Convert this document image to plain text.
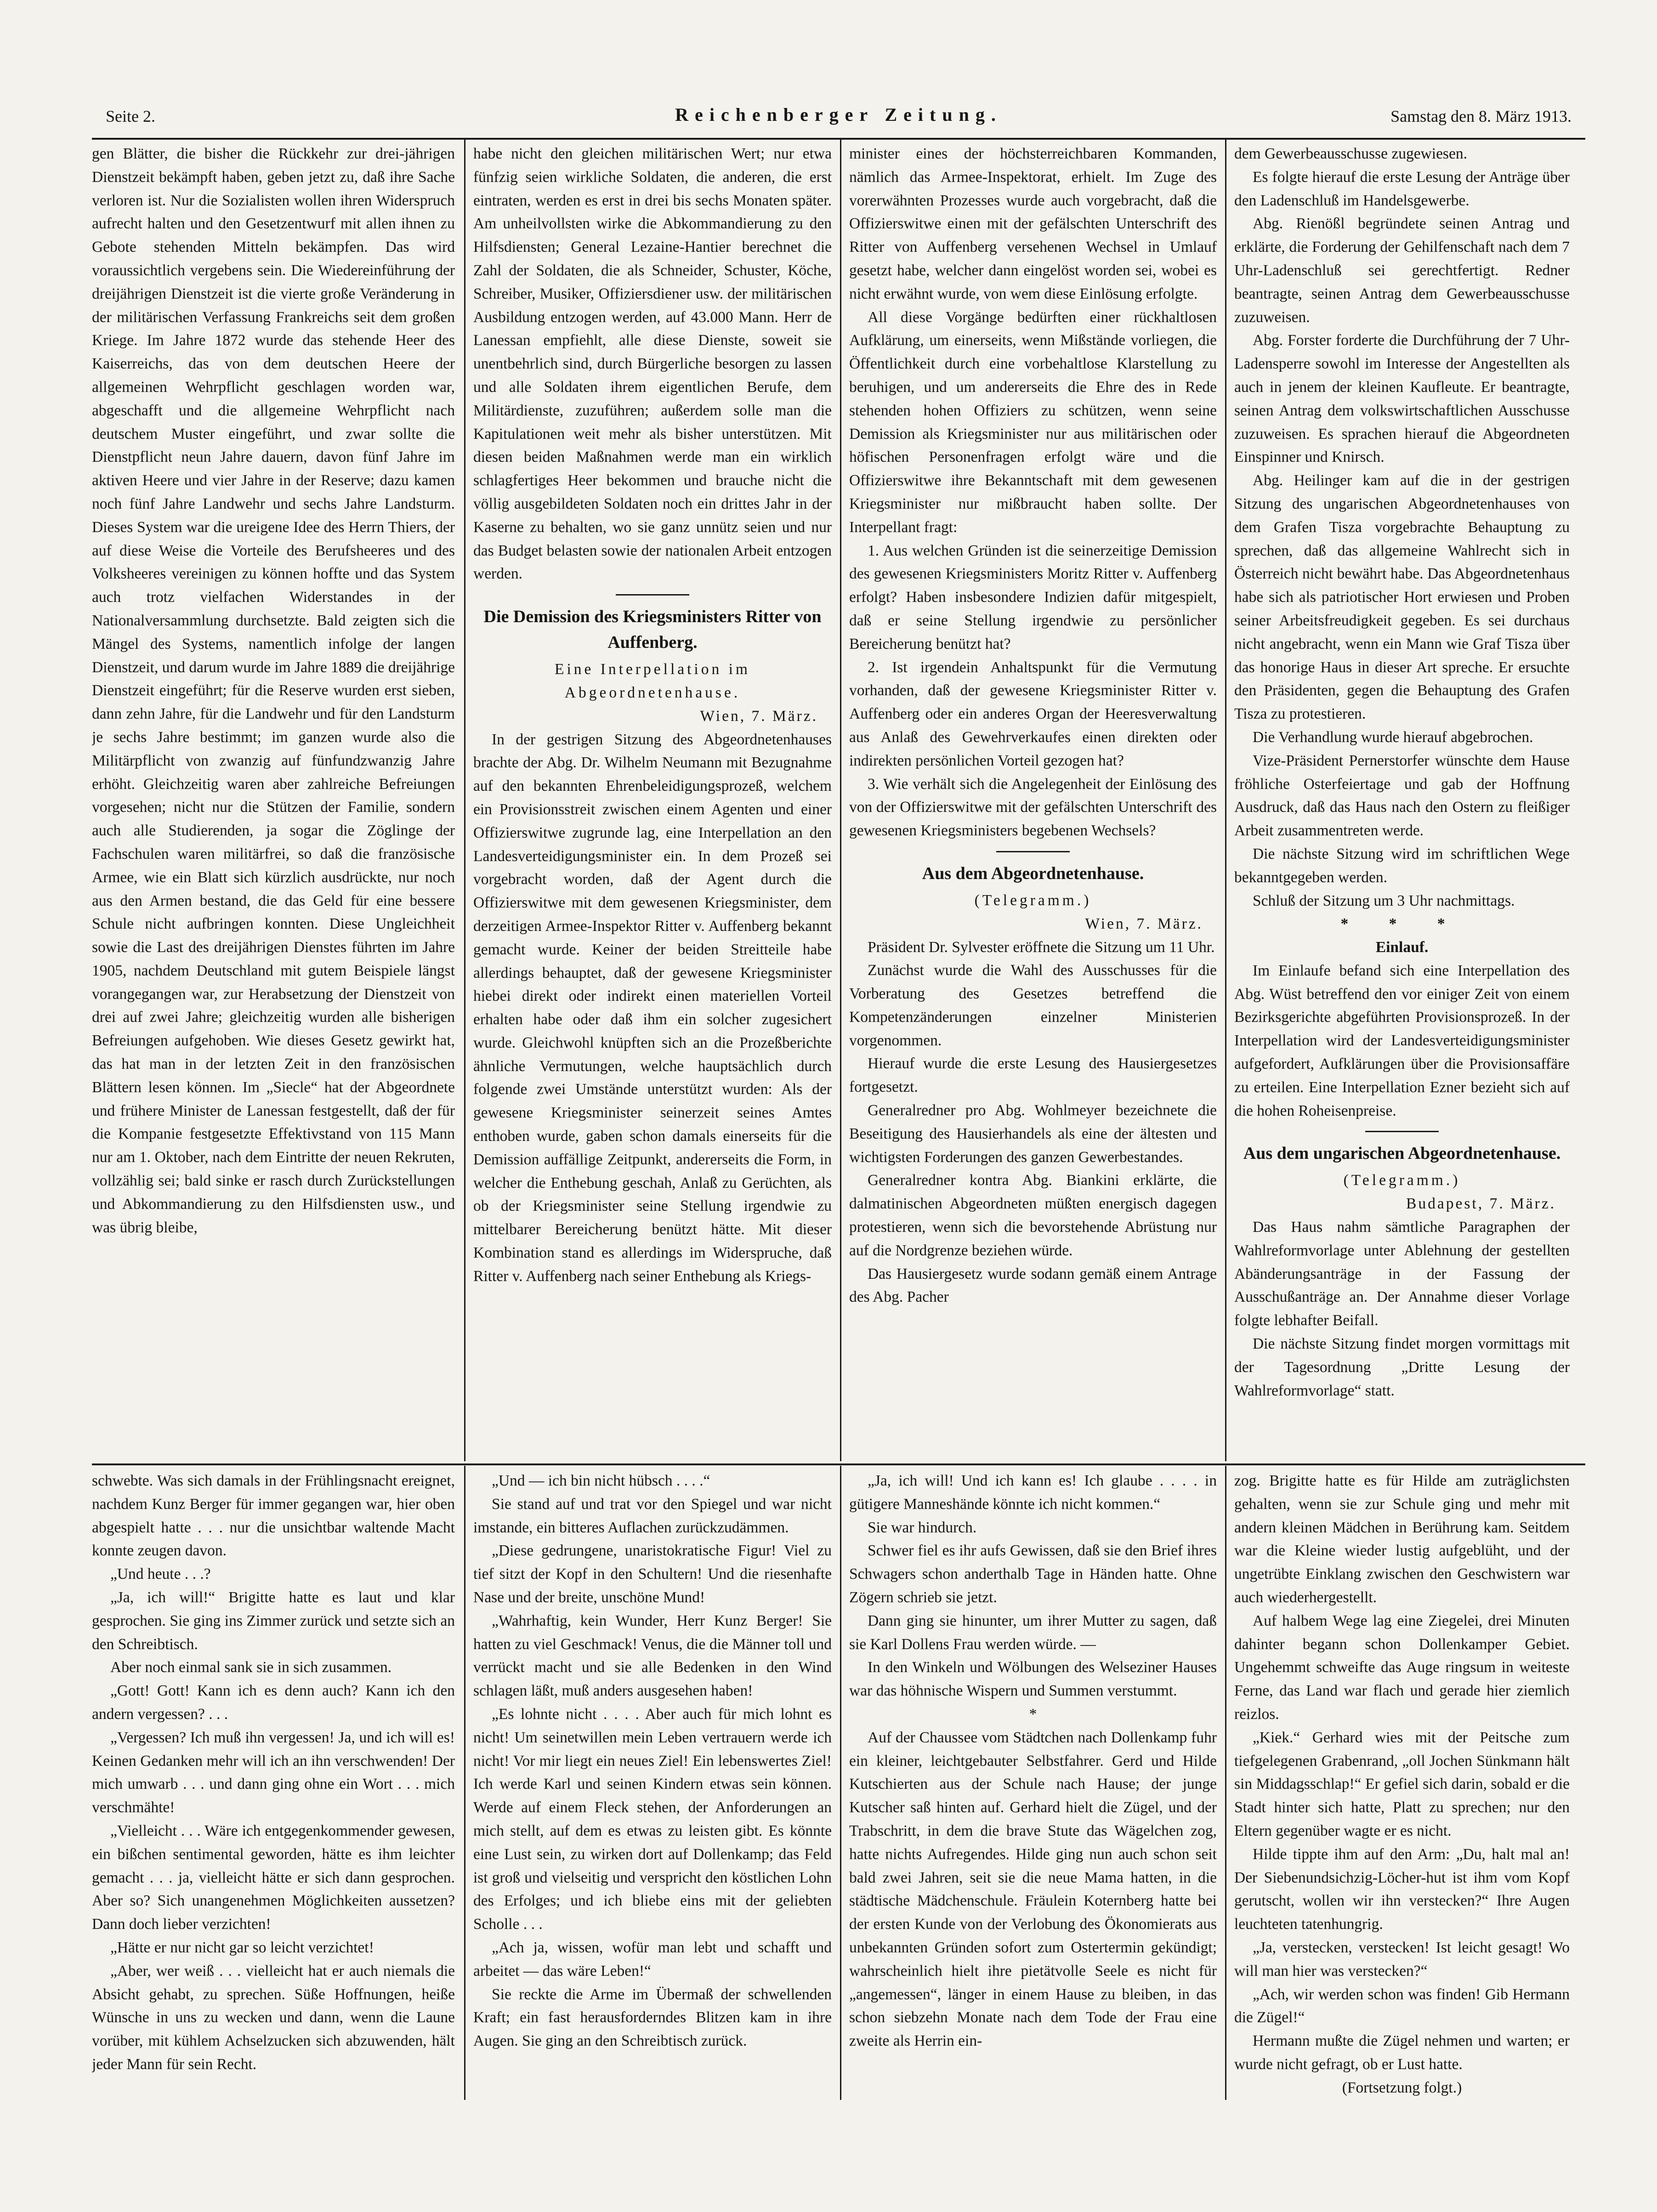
Seite 2.	Reichenberger Zeitung.	Samstag den 8. März 1913.

gen Blätter, die bisher die Rückkehr zur drei-jährigen Dienstzeit bekämpft haben, geben jetzt zu, daß ihre Sache verloren ist. Nur die Sozialisten wollen ihren Widerspruch aufrecht halten und den Gesetzentwurf mit allen ihnen zu Gebote stehenden Mitteln bekämpfen. Das wird voraussichtlich vergebens sein. Die Wiedereinführung der dreijährigen Dienstzeit ist die vierte große Veränderung in der militärischen Verfassung Frankreichs seit dem großen Kriege. Im Jahre 1872 wurde das stehende Heer des Kaiserreichs, das von dem deutschen Heere der allgemeinen Wehrpflicht geschlagen worden war, abgeschafft und die allgemeine Wehrpflicht nach deutschem Muster eingeführt, und zwar sollte die Dienstpflicht neun Jahre dauern, davon fünf Jahre im aktiven Heere und vier Jahre in der Reserve; dazu kamen noch fünf Jahre Landwehr und sechs Jahre Landsturm. Dieses System war die ureigene Idee des Herrn Thiers, der auf diese Weise die Vorteile des Berufsheeres und des Volksheeres vereinigen zu können hoffte und das System auch trotz vielfachen Widerstandes in der Nationalversammlung durchsetzte. Bald zeigten sich die Mängel des Systems, namentlich infolge der langen Dienstzeit, und darum wurde im Jahre 1889 die dreijährige Dienstzeit eingeführt; für die Reserve wurden erst sieben, dann zehn Jahre, für die Landwehr und für den Landsturm je sechs Jahre bestimmt; im ganzen wurde also die Militärpflicht von zwanzig auf fünfundzwanzig Jahre erhöht. Gleichzeitig waren aber zahlreiche Befreiungen vorgesehen; nicht nur die Stützen der Familie, sondern auch alle Studierenden, ja sogar die Zöglinge der Fachschulen waren militärfrei, so daß die französische Armee, wie ein Blatt sich kürzlich ausdrückte, nur noch aus den Armen bestand, die das Geld für eine bessere Schule nicht aufbringen konnten. Diese Ungleichheit sowie die Last des dreijährigen Dienstes führten im Jahre 1905, nachdem Deutschland mit gutem Beispiele längst vorangegangen war, zur Herabsetzung der Dienstzeit von drei auf zwei Jahre; gleichzeitig wurden alle bisherigen Befreiungen aufgehoben. Wie dieses Gesetz gewirkt hat, das hat man in der letzten Zeit in den französischen Blättern lesen können. Im „Siecle“ hat der Abgeordnete und frühere Minister de Lanessan festgestellt, daß der für die Kompanie festgesetzte Effektivstand von 115 Mann nur am 1. Oktober, nach dem Eintritte der neuen Rekruten, vollzählig sei; bald sinke er rasch durch Zurückstellungen und Abkommandierung zu den Hilfsdiensten usw., und was übrig bleibe,

habe nicht den gleichen militärischen Wert; nur etwa fünfzig seien wirkliche Soldaten, die anderen, die erst eintraten, werden es erst in drei bis sechs Monaten später. Am unheilvollsten wirke die Abkommandierung zu den Hilfsdiensten; General Lezaine-Hantier berechnet die Zahl der Soldaten, die als Schneider, Schuster, Köche, Schreiber, Musiker, Offiziersdiener usw. der militärischen Ausbildung entzogen werden, auf 43.000 Mann. Herr de Lanessan empfiehlt, alle diese Dienste, soweit sie unentbehrlich sind, durch Bürgerliche besorgen zu lassen und alle Soldaten ihrem eigentlichen Berufe, dem Militärdienste, zuzuführen; außerdem solle man die Kapitulationen weit mehr als bisher unterstützen. Mit diesen beiden Maßnahmen werde man ein wirklich schlagfertiges Heer bekommen und brauche nicht die völlig ausgebildeten Soldaten noch ein drittes Jahr in der Kaserne zu behalten, wo sie ganz unnütz seien und nur das Budget belasten sowie der nationalen Arbeit entzogen werden.

Die Demission des Kriegsministers Ritter von Auffenberg.
Eine Interpellation im Abgeordnetenhause.
Wien, 7. März.

In der gestrigen Sitzung des Abgeordnetenhauses brachte der Abg. Dr. Wilhelm Neumann mit Bezugnahme auf den bekannten Ehrenbeleidigungsprozeß, welchem ein Provisionsstreit zwischen einem Agenten und einer Offizierswitwe zugrunde lag, eine Interpellation an den Landesverteidigungsminister ein. In dem Prozeß sei vorgebracht worden, daß der Agent durch die Offizierswitwe mit dem gewesenen Kriegsminister, dem derzeitigen Armee-Inspektor Ritter v. Auffenberg bekannt gemacht wurde. Keiner der beiden Streitteile habe allerdings behauptet, daß der gewesene Kriegsminister hiebei direkt oder indirekt einen materiellen Vorteil erhalten habe oder daß ihm ein solcher zugesichert wurde. Gleichwohl knüpften sich an die Prozeßberichte ähnliche Vermutungen, welche hauptsächlich durch folgende zwei Umstände unterstützt wurden: Als der gewesene Kriegsminister seinerzeit seines Amtes enthoben wurde, gaben schon damals einerseits für die Demission auffällige Zeitpunkt, andererseits die Form, in welcher die Enthebung geschah, Anlaß zu Gerüchten, als ob der Kriegsminister seine Stellung irgendwie zu mittelbarer Bereicherung benützt hätte. Mit dieser Kombination stand es allerdings im Widerspruche, daß Ritter v. Auffenberg nach seiner Enthebung als Kriegs-

minister eines der höchsterreichbaren Kommanden, nämlich das Armee-Inspektorat, erhielt. Im Zuge des vorerwähnten Prozesses wurde auch vorgebracht, daß die Offizierswitwe einen mit der gefälschten Unterschrift des Ritter von Auffenberg versehenen Wechsel in Umlauf gesetzt habe, welcher dann eingelöst worden sei, wobei es nicht erwähnt wurde, von wem diese Einlösung erfolgte.

All diese Vorgänge bedürften einer rückhaltlosen Aufklärung, um einerseits, wenn Mißstände vorliegen, die Öffentlichkeit durch eine vorbehaltlose Klarstellung zu beruhigen, und um andererseits die Ehre des in Rede stehenden hohen Offiziers zu schützen, wenn seine Demission als Kriegsminister nur aus militärischen oder höfischen Personenfragen erfolgt wäre und die Offizierswitwe ihre Bekanntschaft mit dem gewesenen Kriegsminister nur mißbraucht haben sollte. Der Interpellant fragt:

1. Aus welchen Gründen ist die seinerzeitige Demission des gewesenen Kriegsministers Moritz Ritter v. Auffenberg erfolgt? Haben insbesondere Indizien dafür mitgespielt, daß er seine Stellung irgendwie zu persönlicher Bereicherung benützt hat?

2. Ist irgendein Anhaltspunkt für die Vermutung vorhanden, daß der gewesene Kriegsminister Ritter v. Auffenberg oder ein anderes Organ der Heeresverwaltung aus Anlaß des Gewehrverkaufes einen direkten oder indirekten persönlichen Vorteil gezogen hat?

3. Wie verhält sich die Angelegenheit der Einlösung des von der Offizierswitwe mit der gefälschten Unterschrift des gewesenen Kriegsministers begebenen Wechsels?

Aus dem Abgeordnetenhause.
(Telegramm.)
Wien, 7. März.

Präsident Dr. Sylvester eröffnete die Sitzung um 11 Uhr.

Zunächst wurde die Wahl des Ausschusses für die Vorberatung des Gesetzes betreffend die Kompetenzänderungen einzelner Ministerien vorgenommen.

Hierauf wurde die erste Lesung des Hausiergesetzes fortgesetzt.

Generalredner pro Abg. Wohlmeyer bezeichnete die Beseitigung des Hausierhandels als eine der ältesten und wichtigsten Forderungen des ganzen Gewerbestandes.

Generalredner kontra Abg. Biankini erklärte, die dalmatinischen Abgeordneten müßten energisch dagegen protestieren, wenn sich die bevorstehende Abrüstung nur auf die Nordgrenze beziehen würde.

Das Hausiergesetz wurde sodann gemäß einem Antrage des Abg. Pacher

dem Gewerbeausschusse zugewiesen.

Es folgte hierauf die erste Lesung der Anträge über den Ladenschluß im Handelsgewerbe.

Abg. Rienößl begründete seinen Antrag und erklärte, die Forderung der Gehilfenschaft nach dem 7 Uhr-Ladenschluß sei gerechtfertigt. Redner beantragte, seinen Antrag dem Gewerbeausschusse zuzuweisen.

Abg. Forster forderte die Durchführung der 7 Uhr-Ladensperre sowohl im Interesse der Angestellten als auch in jenem der kleinen Kaufleute. Er beantragte, seinen Antrag dem volkswirtschaftlichen Ausschusse zuzuweisen. Es sprachen hierauf die Abgeordneten Einspinner und Knirsch.

Abg. Heilinger kam auf die in der gestrigen Sitzung des ungarischen Abgeordnetenhauses von dem Grafen Tisza vorgebrachte Behauptung zu sprechen, daß das allgemeine Wahlrecht sich in Österreich nicht bewährt habe. Das Abgeordnetenhaus habe sich als patriotischer Hort erwiesen und Proben seiner Arbeitsfreudigkeit gegeben. Es sei durchaus nicht angebracht, wenn ein Mann wie Graf Tisza über das honorige Haus in dieser Art spreche. Er ersuchte den Präsidenten, gegen die Behauptung des Grafen Tisza zu protestieren.

Die Verhandlung wurde hierauf abgebrochen.

Vize-Präsident Pernerstorfer wünschte dem Hause fröhliche Osterfeiertage und gab der Hoffnung Ausdruck, daß das Haus nach den Ostern zu fleißiger Arbeit zusammentreten werde.

Die nächste Sitzung wird im schriftlichen Wege bekanntgegeben werden.

Schluß der Sitzung um 3 Uhr nachmittags.

* * *
Einlauf.

Im Einlaufe befand sich eine Interpellation des Abg. Wüst betreffend den vor einiger Zeit von einem Bezirksgerichte abgeführten Provisionsprozeß. In der Interpellation wird der Landesverteidigungsminister aufgefordert, Aufklärungen über die Provisionsaffäre zu erteilen. Eine Interpellation Ezner bezieht sich auf die hohen Roheisenpreise.

Aus dem ungarischen Abgeordnetenhause.
(Telegramm.)
Budapest, 7. März.

Das Haus nahm sämtliche Paragraphen der Wahlreformvorlage unter Ablehnung der gestellten Abänderungsanträge in der Fassung der Ausschußanträge an. Der Annahme dieser Vorlage folgte lebhafter Beifall.

Die nächste Sitzung findet morgen vormittags mit der Tagesordnung „Dritte Lesung der Wahlreformvorlage“ statt.

schwebte. Was sich damals in der Frühlingsnacht ereignet, nachdem Kunz Berger für immer gegangen war, hier oben abgespielt hatte . . . nur die unsichtbar waltende Macht konnte zeugen davon.

„Und heute . . .?

„Ja, ich will!“ Brigitte hatte es laut und klar gesprochen. Sie ging ins Zimmer zurück und setzte sich an den Schreibtisch.

Aber noch einmal sank sie in sich zusammen.

„Gott! Gott! Kann ich es denn auch? Kann ich den andern vergessen? . . .

„Vergessen? Ich muß ihn vergessen! Ja, und ich will es! Keinen Gedanken mehr will ich an ihn verschwenden! Der mich umwarb . . . und dann ging ohne ein Wort . . . mich verschmähte!

„Vielleicht . . . Wäre ich entgegenkommender gewesen, ein bißchen sentimental geworden, hätte es ihm leichter gemacht . . . ja, vielleicht hätte er sich dann gesprochen. Aber so? Sich unangenehmen Möglichkeiten aussetzen? Dann doch lieber verzichten!

„Hätte er nur nicht gar so leicht verzichtet!

„Aber, wer weiß . . . vielleicht hat er auch niemals die Absicht gehabt, zu sprechen. Süße Hoffnungen, heiße Wünsche in uns zu wecken und dann, wenn die Laune vorüber, mit kühlem Achselzucken sich abzuwenden, hält jeder Mann für sein Recht.

„Und — ich bin nicht hübsch . . . .“

Sie stand auf und trat vor den Spiegel und war nicht imstande, ein bitteres Auflachen zurückzudämmen.

„Diese gedrungene, unaristokratische Figur! Viel zu tief sitzt der Kopf in den Schultern! Und die riesenhafte Nase und der breite, unschöne Mund!

„Wahrhaftig, kein Wunder, Herr Kunz Berger! Sie hatten zu viel Geschmack! Venus, die die Männer toll und verrückt macht und sie alle Bedenken in den Wind schlagen läßt, muß anders ausgesehen haben!

„Es lohnte nicht . . . . Aber auch für mich lohnt es nicht! Um seinetwillen mein Leben vertrauern werde ich nicht! Vor mir liegt ein neues Ziel! Ein lebenswertes Ziel! Ich werde Karl und seinen Kindern etwas sein können. Werde auf einem Fleck stehen, der Anforderungen an mich stellt, auf dem es etwas zu leisten gibt. Es könnte eine Lust sein, zu wirken dort auf Dollenkamp; das Feld ist groß und vielseitig und verspricht den köstlichen Lohn des Erfolges; und ich bliebe eins mit der geliebten Scholle . . .

„Ach ja, wissen, wofür man lebt und schafft und arbeitet — das wäre Leben!“

Sie reckte die Arme im Übermaß der schwellenden Kraft; ein fast herausforderndes Blitzen kam in ihre Augen. Sie ging an den Schreibtisch zurück.

„Ja, ich will! Und ich kann es! Ich glaube . . . . in gütigere Manneshände könnte ich nicht kommen.“

Sie war hindurch.

Schwer fiel es ihr aufs Gewissen, daß sie den Brief ihres Schwagers schon anderthalb Tage in Händen hatte. Ohne Zögern schrieb sie jetzt.

Dann ging sie hinunter, um ihrer Mutter zu sagen, daß sie Karl Dollens Frau werden würde. —

In den Winkeln und Wölbungen des Welseziner Hauses war das höhnische Wispern und Summen verstummt.

*

Auf der Chaussee vom Städtchen nach Dollenkamp fuhr ein kleiner, leichtgebauter Selbstfahrer. Gerd und Hilde Kutschierten aus der Schule nach Hause; der junge Kutscher saß hinten auf. Gerhard hielt die Zügel, und der Trabschritt, in dem die brave Stute das Wägelchen zog, hatte nichts Aufregendes. Hilde ging nun auch schon seit bald zwei Jahren, seit sie die neue Mama hatten, in die städtische Mädchenschule. Fräulein Koternberg hatte bei der ersten Kunde von der Verlobung des Ökonomierats aus unbekannten Gründen sofort zum Ostertermin gekündigt; wahrscheinlich hielt ihre pietätvolle Seele es nicht für „angemessen“, länger in einem Hause zu bleiben, in das schon siebzehn Monate nach dem Tode der Frau eine zweite als Herrin ein-

zog. Brigitte hatte es für Hilde am zuträglichsten gehalten, wenn sie zur Schule ging und mehr mit andern kleinen Mädchen in Berührung kam. Seitdem war die Kleine wieder lustig aufgeblüht, und der ungetrübte Einklang zwischen den Geschwistern war auch wiederhergestellt.

Auf halbem Wege lag eine Ziegelei, drei Minuten dahinter begann schon Dollenkamper Gebiet. Ungehemmt schweifte das Auge ringsum in weiteste Ferne, das Land war flach und gerade hier ziemlich reizlos.

„Kiek.“ Gerhard wies mit der Peitsche zum tiefgelegenen Grabenrand, „oll Jochen Sünkmann hält sin Middagsschlap!“ Er gefiel sich darin, sobald er die Stadt hinter sich hatte, Platt zu sprechen; nur den Eltern gegenüber wagte er es nicht.

Hilde tippte ihm auf den Arm: „Du, halt mal an! Der Siebenundsichzig-Löcher-hut ist ihm vom Kopf gerutscht, wollen wir ihn verstecken?“ Ihre Augen leuchteten tatenhungrig.

„Ja, verstecken, verstecken! Ist leicht gesagt! Wo will man hier was verstecken?“

„Ach, wir werden schon was finden! Gib Hermann die Zügel!“

Hermann mußte die Zügel nehmen und warten; er wurde nicht gefragt, ob er Lust hatte.

(Fortsetzung folgt.)
